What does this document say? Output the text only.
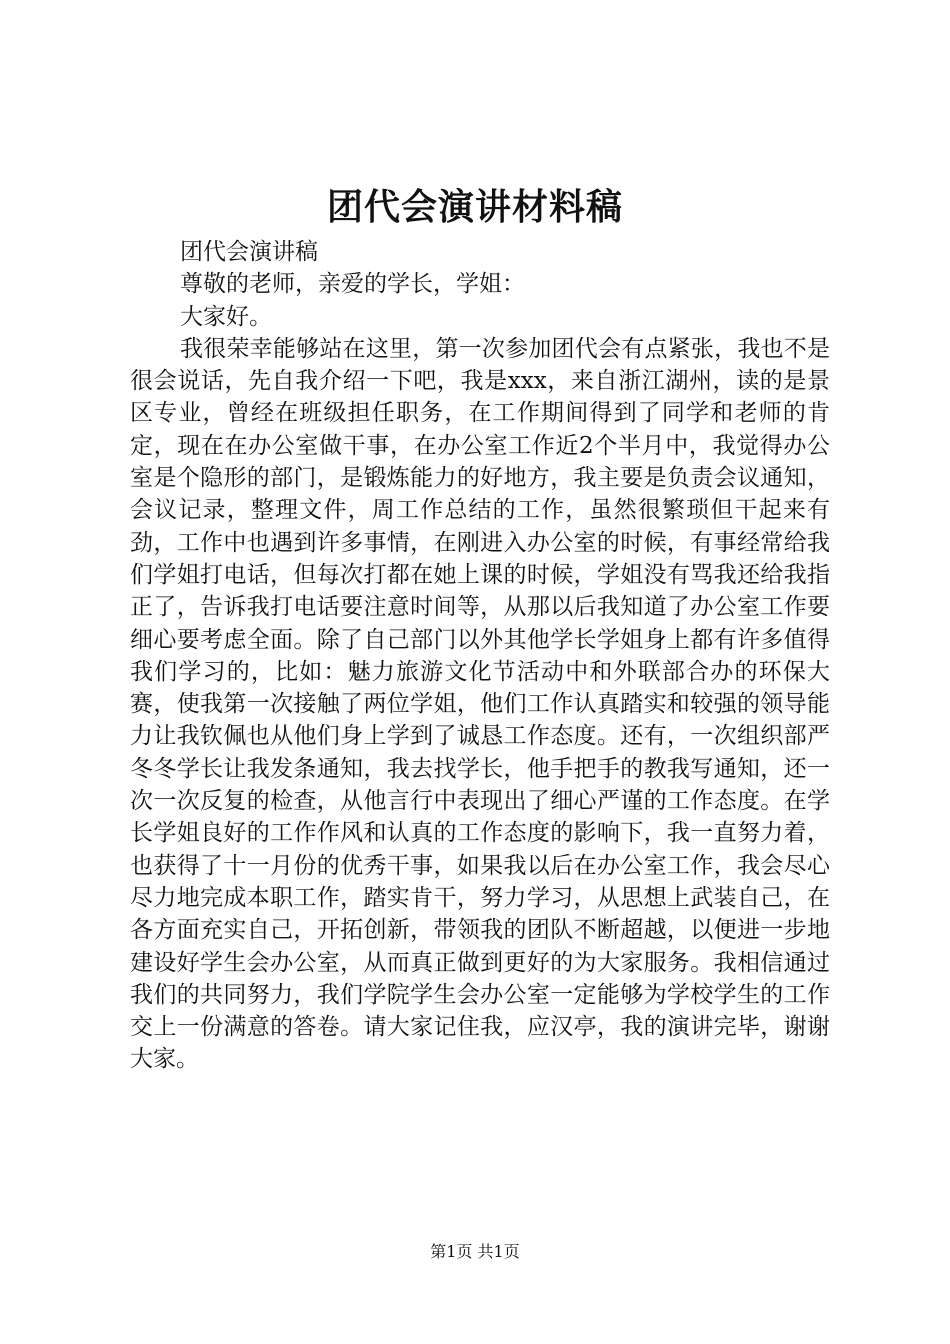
团代会演讲材料稿

团代会演讲稿

尊敬的老师，亲爱的学长，学姐：

大家好。

我很荣幸能够站在这里，第一次参加团代会有点紧张，我也不是很会说话，先自我介绍一下吧，我是xxx，来自浙江湖州，读的是景区专业，曾经在班级担任职务，在工作期间得到了同学和老师的肯定，现在在办公室做干事，在办公室工作近2个半月中，我觉得办公室是个隐形的部门，是锻炼能力的好地方，我主要是负责会议通知，会议记录，整理文件，周工作总结的工作，虽然很繁琐但干起来有劲，工作中也遇到许多事情，在刚进入办公室的时候，有事经常给我们学姐打电话，但每次打都在她上课的时候，学姐没有骂我还给我指正了，告诉我打电话要注意时间等，从那以后我知道了办公室工作要细心要考虑全面。除了自己部门以外其他学长学姐身上都有许多值得我们学习的，比如：魅力旅游文化节活动中和外联部合办的环保大赛，使我第一次接触了两位学姐，他们工作认真踏实和较强的领导能力让我钦佩也从他们身上学到了诚恳工作态度。还有，一次组织部严冬冬学长让我发条通知，我去找学长，他手把手的教我写通知，还一次一次反复的检查，从他言行中表现出了细心严谨的工作态度。在学长学姐良好的工作作风和认真的工作态度的影响下，我一直努力着，也获得了十一月份的优秀干事，如果我以后在办公室工作，我会尽心尽力地完成本职工作，踏实肯干，努力学习，从思想上武装自己，在各方面充实自己，开拓创新，带领我的团队不断超越，以便进一步地建设好学生会办公室，从而真正做到更好的为大家服务。我相信通过我们的共同努力，我们学院学生会办公室一定能够为学校学生的工作交上一份满意的答卷。请大家记住我，应汉亭，我的演讲完毕，谢谢大家。

第1页 共1页
